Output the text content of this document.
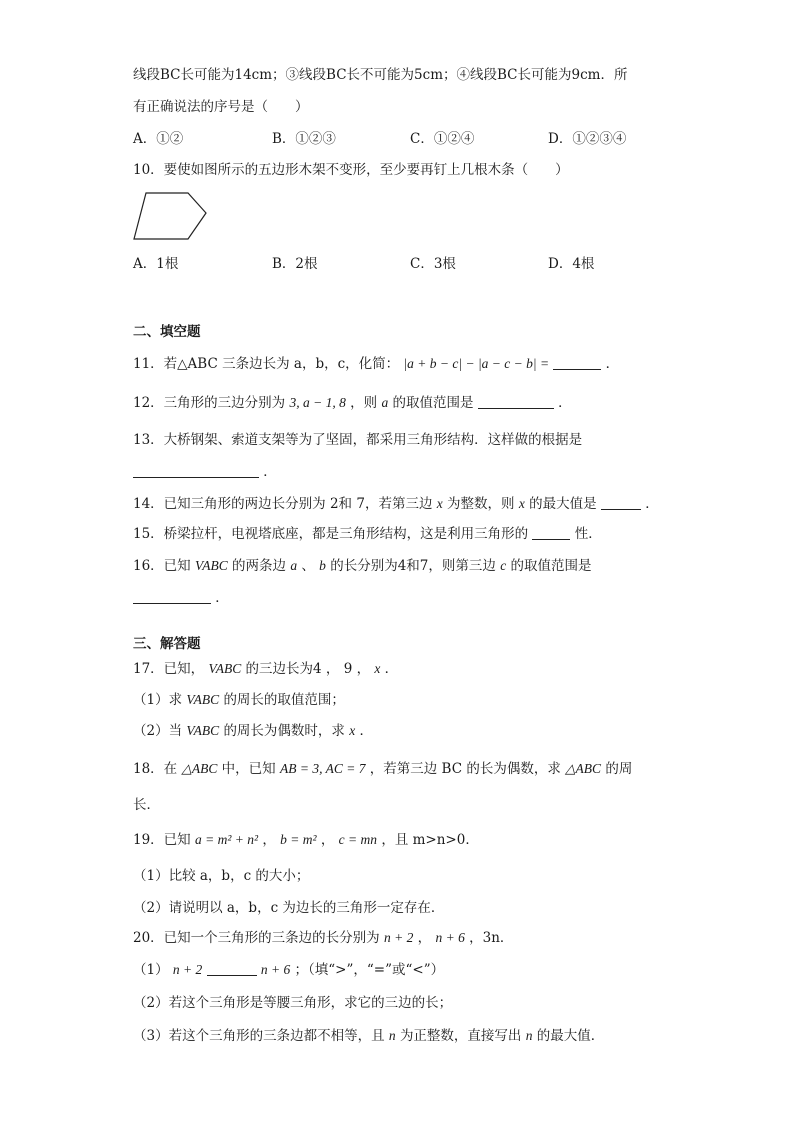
线段BC长可能为14cm；③线段BC长不可能为5cm；④线段BC长可能为9cm．所
有正确说法的序号是（　　）
A．①②	B．①②③	C．①②④	D．①②③④
10．要使如图所示的五边形木架不变形，至少要再钉上几根木条（　　）
A．1根	B．2根	C．3根	D．4根
二、填空题
11．若△ABC 三条边长为 a，b，c，化简： |a + b − c| − |a − c − b| =	．
12．三角形的三边分别为 3, a − 1, 8 ，则 a 的取值范围是	．
13．大桥钢架、索道支架等为了坚固，都采用三角形结构．这样做的根据是
．
14．已知三角形的两边长分别为 2和 7，若第三边 x 为整数，则 x 的最大值是	．
15．桥梁拉杆，电视塔底座，都是三角形结构，这是利用三角形的	性．
16．已知 VABC 的两条边 a 、 b 的长分别为4和7，则第三边 c 的取值范围是
．
三、解答题
17．已知， VABC 的三边长为4 ， 9 ， x ．
（1）求 VABC 的周长的取值范围；
（2）当 VABC 的周长为偶数时，求 x ．
18．在 △ABC 中，已知 AB = 3, AC = 7 ，若第三边 BC 的长为偶数，求 △ABC 的周
长．
19．已知 a = m² + n² ， b = m² ， c = mn ，且 m>n>0．
（1）比较 a，b，c 的大小；
（2）请说明以 a，b，c 为边长的三角形一定存在．
20．已知一个三角形的三条边的长分别为 n + 2 ， n + 6 ，3n．
（1） n + 2	n + 6 ；（填“>”，“=”或“<”）
（2）若这个三角形是等腰三角形，求它的三边的长；
（3）若这个三角形的三条边都不相等，且 n 为正整数，直接写出 n 的最大值．
